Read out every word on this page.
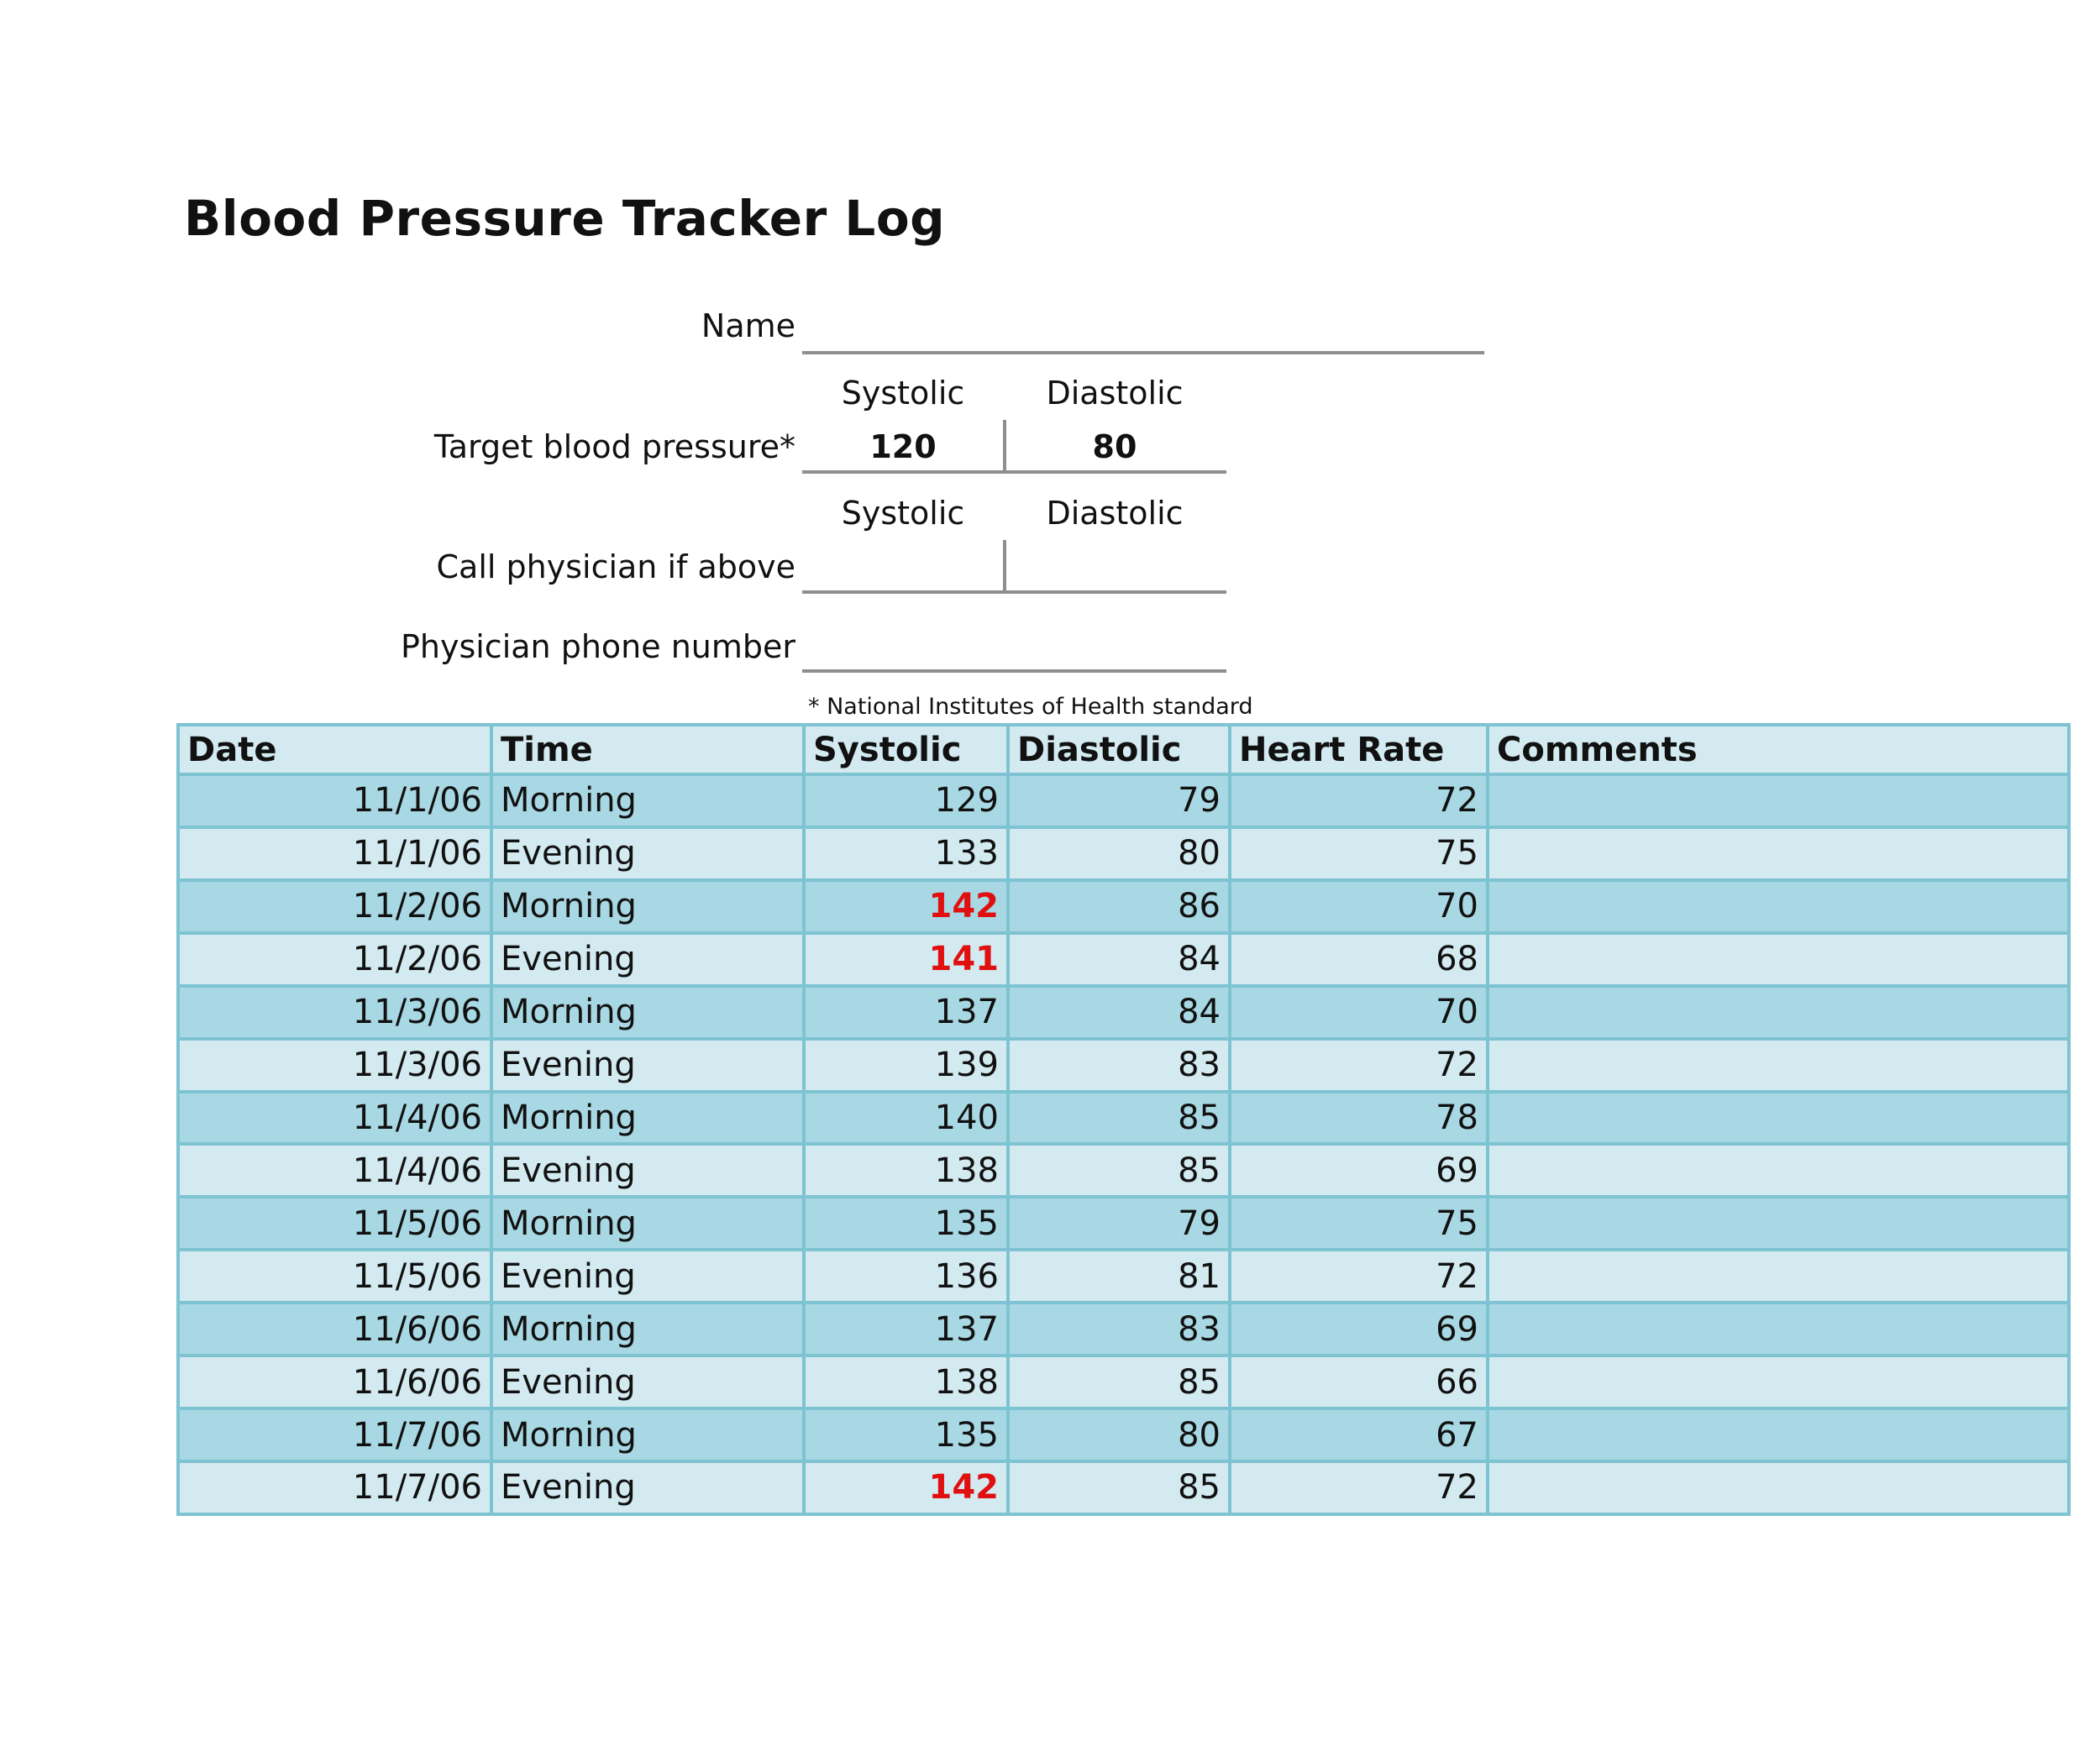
Blood Pressure Tracker Log
Name
Systolic	Diastolic
Target blood pressure*	120	80
Systolic	Diastolic
Call physician if above
Physician phone number
* National Institutes of Health standard
Date	Time	Systolic	Diastolic	Heart Rate	Comments
11/1/06	Morning	129	79	72	
11/1/06	Evening	133	80	75	
11/2/06	Morning	142	86	70	
11/2/06	Evening	141	84	68	
11/3/06	Morning	137	84	70	
11/3/06	Evening	139	83	72	
11/4/06	Morning	140	85	78	
11/4/06	Evening	138	85	69	
11/5/06	Morning	135	79	75	
11/5/06	Evening	136	81	72	
11/6/06	Morning	137	83	69	
11/6/06	Evening	138	85	66	
11/7/06	Morning	135	80	67	
11/7/06	Evening	142	85	72	
